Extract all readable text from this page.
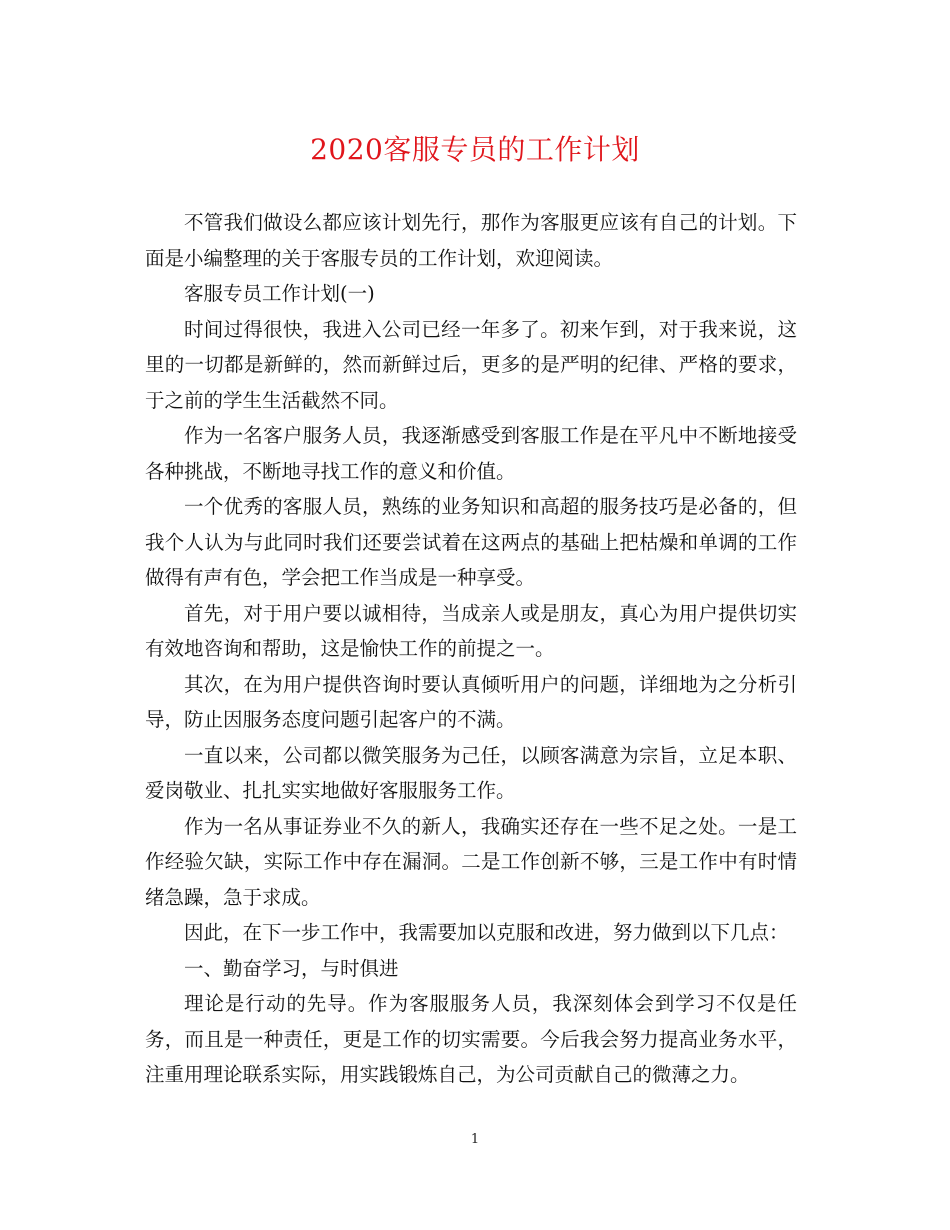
2020客服专员的工作计划

不管我们做设么都应该计划先行，那作为客服更应该有自己的计划。下面是小编整理的关于客服专员的工作计划，欢迎阅读。

客服专员工作计划(一)

时间过得很快，我进入公司已经一年多了。初来乍到，对于我来说，这里的一切都是新鲜的，然而新鲜过后，更多的是严明的纪律、严格的要求，于之前的学生生活截然不同。

作为一名客户服务人员，我逐渐感受到客服工作是在平凡中不断地接受各种挑战，不断地寻找工作的意义和价值。

一个优秀的客服人员，熟练的业务知识和高超的服务技巧是必备的，但我个人认为与此同时我们还要尝试着在这两点的基础上把枯燥和单调的工作做得有声有色，学会把工作当成是一种享受。

首先，对于用户要以诚相待，当成亲人或是朋友，真心为用户提供切实有效地咨询和帮助，这是愉快工作的前提之一。

其次，在为用户提供咨询时要认真倾听用户的问题，详细地为之分析引导，防止因服务态度问题引起客户的不满。

一直以来，公司都以微笑服务为己任，以顾客满意为宗旨，立足本职、爱岗敬业、扎扎实实地做好客服服务工作。

作为一名从事证券业不久的新人，我确实还存在一些不足之处。一是工作经验欠缺，实际工作中存在漏洞。二是工作创新不够，三是工作中有时情绪急躁，急于求成。

因此，在下一步工作中，我需要加以克服和改进，努力做到以下几点：

一、勤奋学习，与时俱进

理论是行动的先导。作为客服服务人员，我深刻体会到学习不仅是任务，而且是一种责任，更是工作的切实需要。今后我会努力提高业务水平，注重用理论联系实际，用实践锻炼自己，为公司贡献自己的微薄之力。

1
